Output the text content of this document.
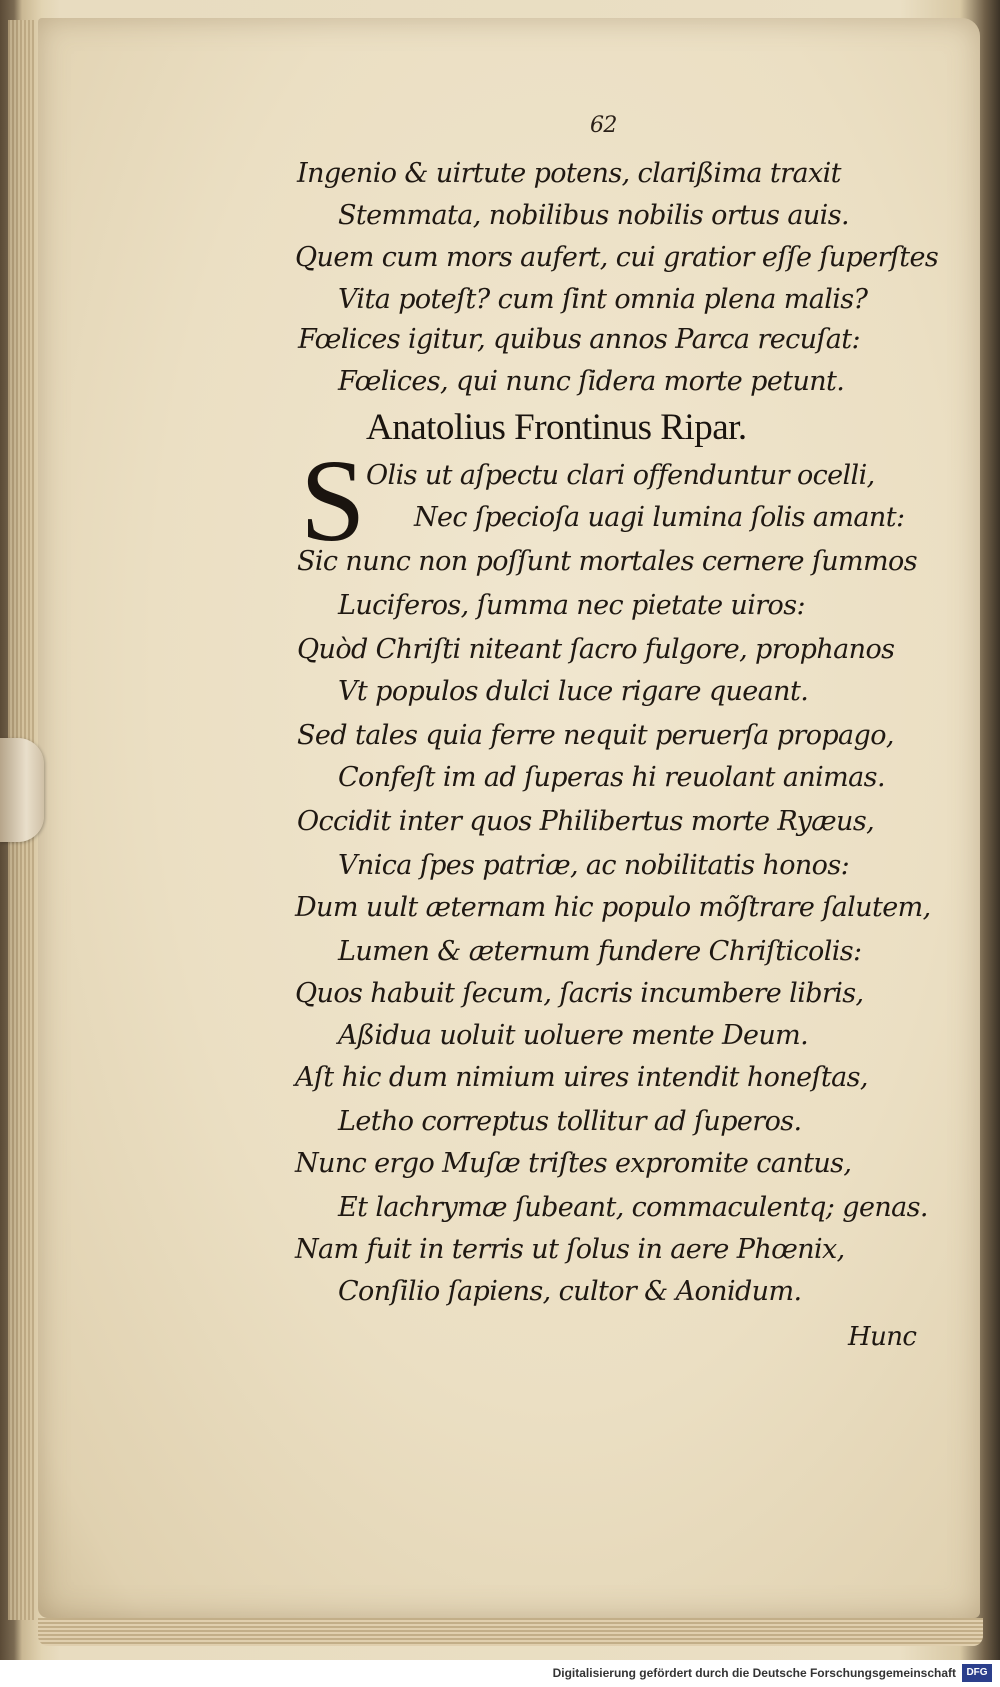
62
Ingenio & uirtute potens, clarißima traxit
Stemmata, nobilibus nobilis ortus auis.
Quem cum mors aufert, cui gratior eſſe ſuperſtes
Vita poteſt? cum ſint omnia plena malis?
Fœlices igitur, quibus annos Parca recuſat:
Fœlices, qui nunc ſidera morte petunt.
Anatolius Frontinus Ripar.
S Olis ut aſpectu clari offenduntur ocelli,
Nec ſpecioſa uagi lumina ſolis amant:
Sic nunc non poſſunt mortales cernere ſummos
Luciferos, ſumma nec pietate uiros:
Quòd Chriſti niteant ſacro fulgore, prophanos
Vt populos dulci luce rigare queant.
Sed tales quia ferre nequit peruerſa propago,
Confeſt im ad ſuperas hi reuolant animas.
Occidit inter quos Philibertus morte Ryæus,
Vnica ſpes patriæ, ac nobilitatis honos:
Dum uult æternam hic populo mõſtrare ſalutem,
Lumen & æternum fundere Chriſticolis:
Quos habuit ſecum, ſacris incumbere libris,
Aßidua uoluit uoluere mente Deum.
Aſt hic dum nimium uires intendit honeſtas,
Letho correptus tollitur ad ſuperos.
Nunc ergo Muſæ triſtes expromite cantus,
Et lachrymæ ſubeant, commaculentq; genas.
Nam fuit in terris ut ſolus in aere Phœnix,
Conſilio ſapiens, cultor & Aonidum.
Hunc
Digitalisierung gefördert durch die Deutsche Forschungsgemeinschaft	DFG
